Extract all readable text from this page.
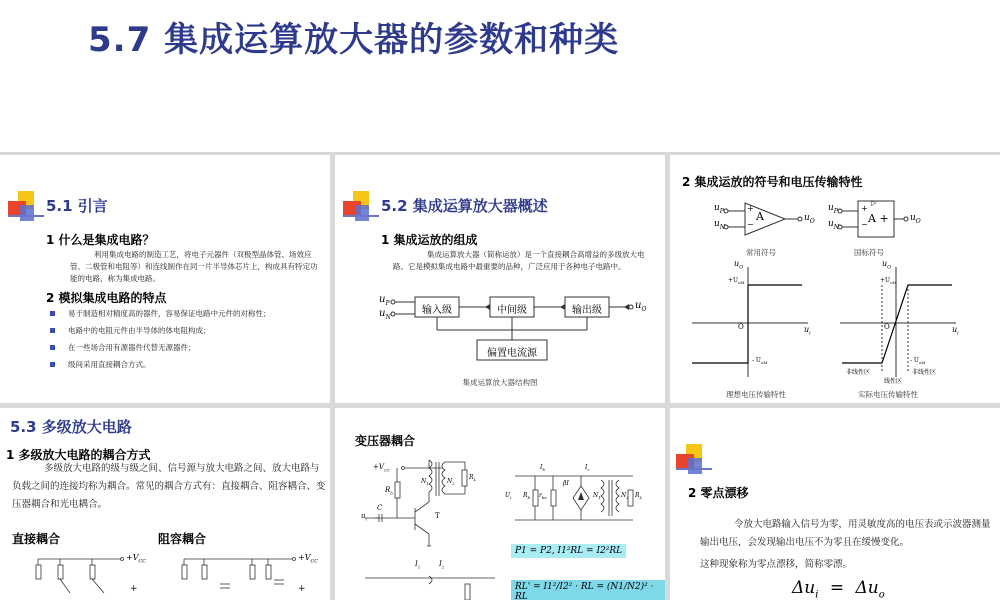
5.7 集成运算放大器的参数和种类
5.1 引言
1 什么是集成电路？
利用集成电路的制造工艺，将电子元器件（双极型晶体管、场效应管、二极管和电阻等）和连线制作在同一片半导体芯片上，构成具有特定功能的电路，称为集成电路。
2 模拟集成电路的特点
易于制造相对精度高的器件，容易保证电路中元件的对称性；
电路中的电阻元件由半导体的体电阻构成；
在一些场合用有源器件代替无源器件；
级间采用直接耦合方式。
5.2 集成运算放大器概述
1 集成运放的组成
集成运算放大器（简称运放）是一个直接耦合高增益的多级放大电路。它是模拟集成电路中最重要的品种，广泛应用于各种电子电路中。
输入级	中间级	输出级
偏置电流源
$u_P$
$u_N$
$u_O$
集成运算放大器结构图
2 集成运放的符号和电压传输特性
A
+
−	A +
▷
+
−
$u_P$
$u_N$
$u_O$
$u_P$
$u_N$
$u_O$
常用符号	国标符号
$u_O$
$u_i$
O
$+U_{oM}$
- $U_{oM}$
$u_O$
$u_i$
O
$+U_{oM}$
- $U_{oM}$
非线性区	非线性区
线性区
理想电压传输特性	实际电压传输特性
5.3 多级放大电路
1 多级放大电路的耦合方式
多级放大电路的级与级之间、信号源与放大电路之间、放大电路与负载之间的连接均称为耦合。常见的耦合方式有：直接耦合、阻容耦合、变压器耦合和光电耦合。
直接耦合	阻容耦合
$+V_{CC}$	$+V_{CC}$
+	+
变压器耦合
$+V_{CC}$
$R_b$
C
$u_i$	T
$N_1$	$N_2$
$R_L$
$U_i$ $R_b$ $r_{be}$
$I_b$
βI
$I_c$
$N_1$	$N_2$ $R_L$
P1 = P2, I1²RL = I2²RL
RL' = I1²/I2² · RL = (N1/N2)² · RL
$I_1$	$I_2$
2 零点漂移
令放大电路输入信号为零，用灵敏度高的电压表或示波器测量输出电压，会发现输出电压不为零且在缓慢变化。
这种现象称为零点漂移，简称零漂。
$\Delta u_i = \Delta u_o$
